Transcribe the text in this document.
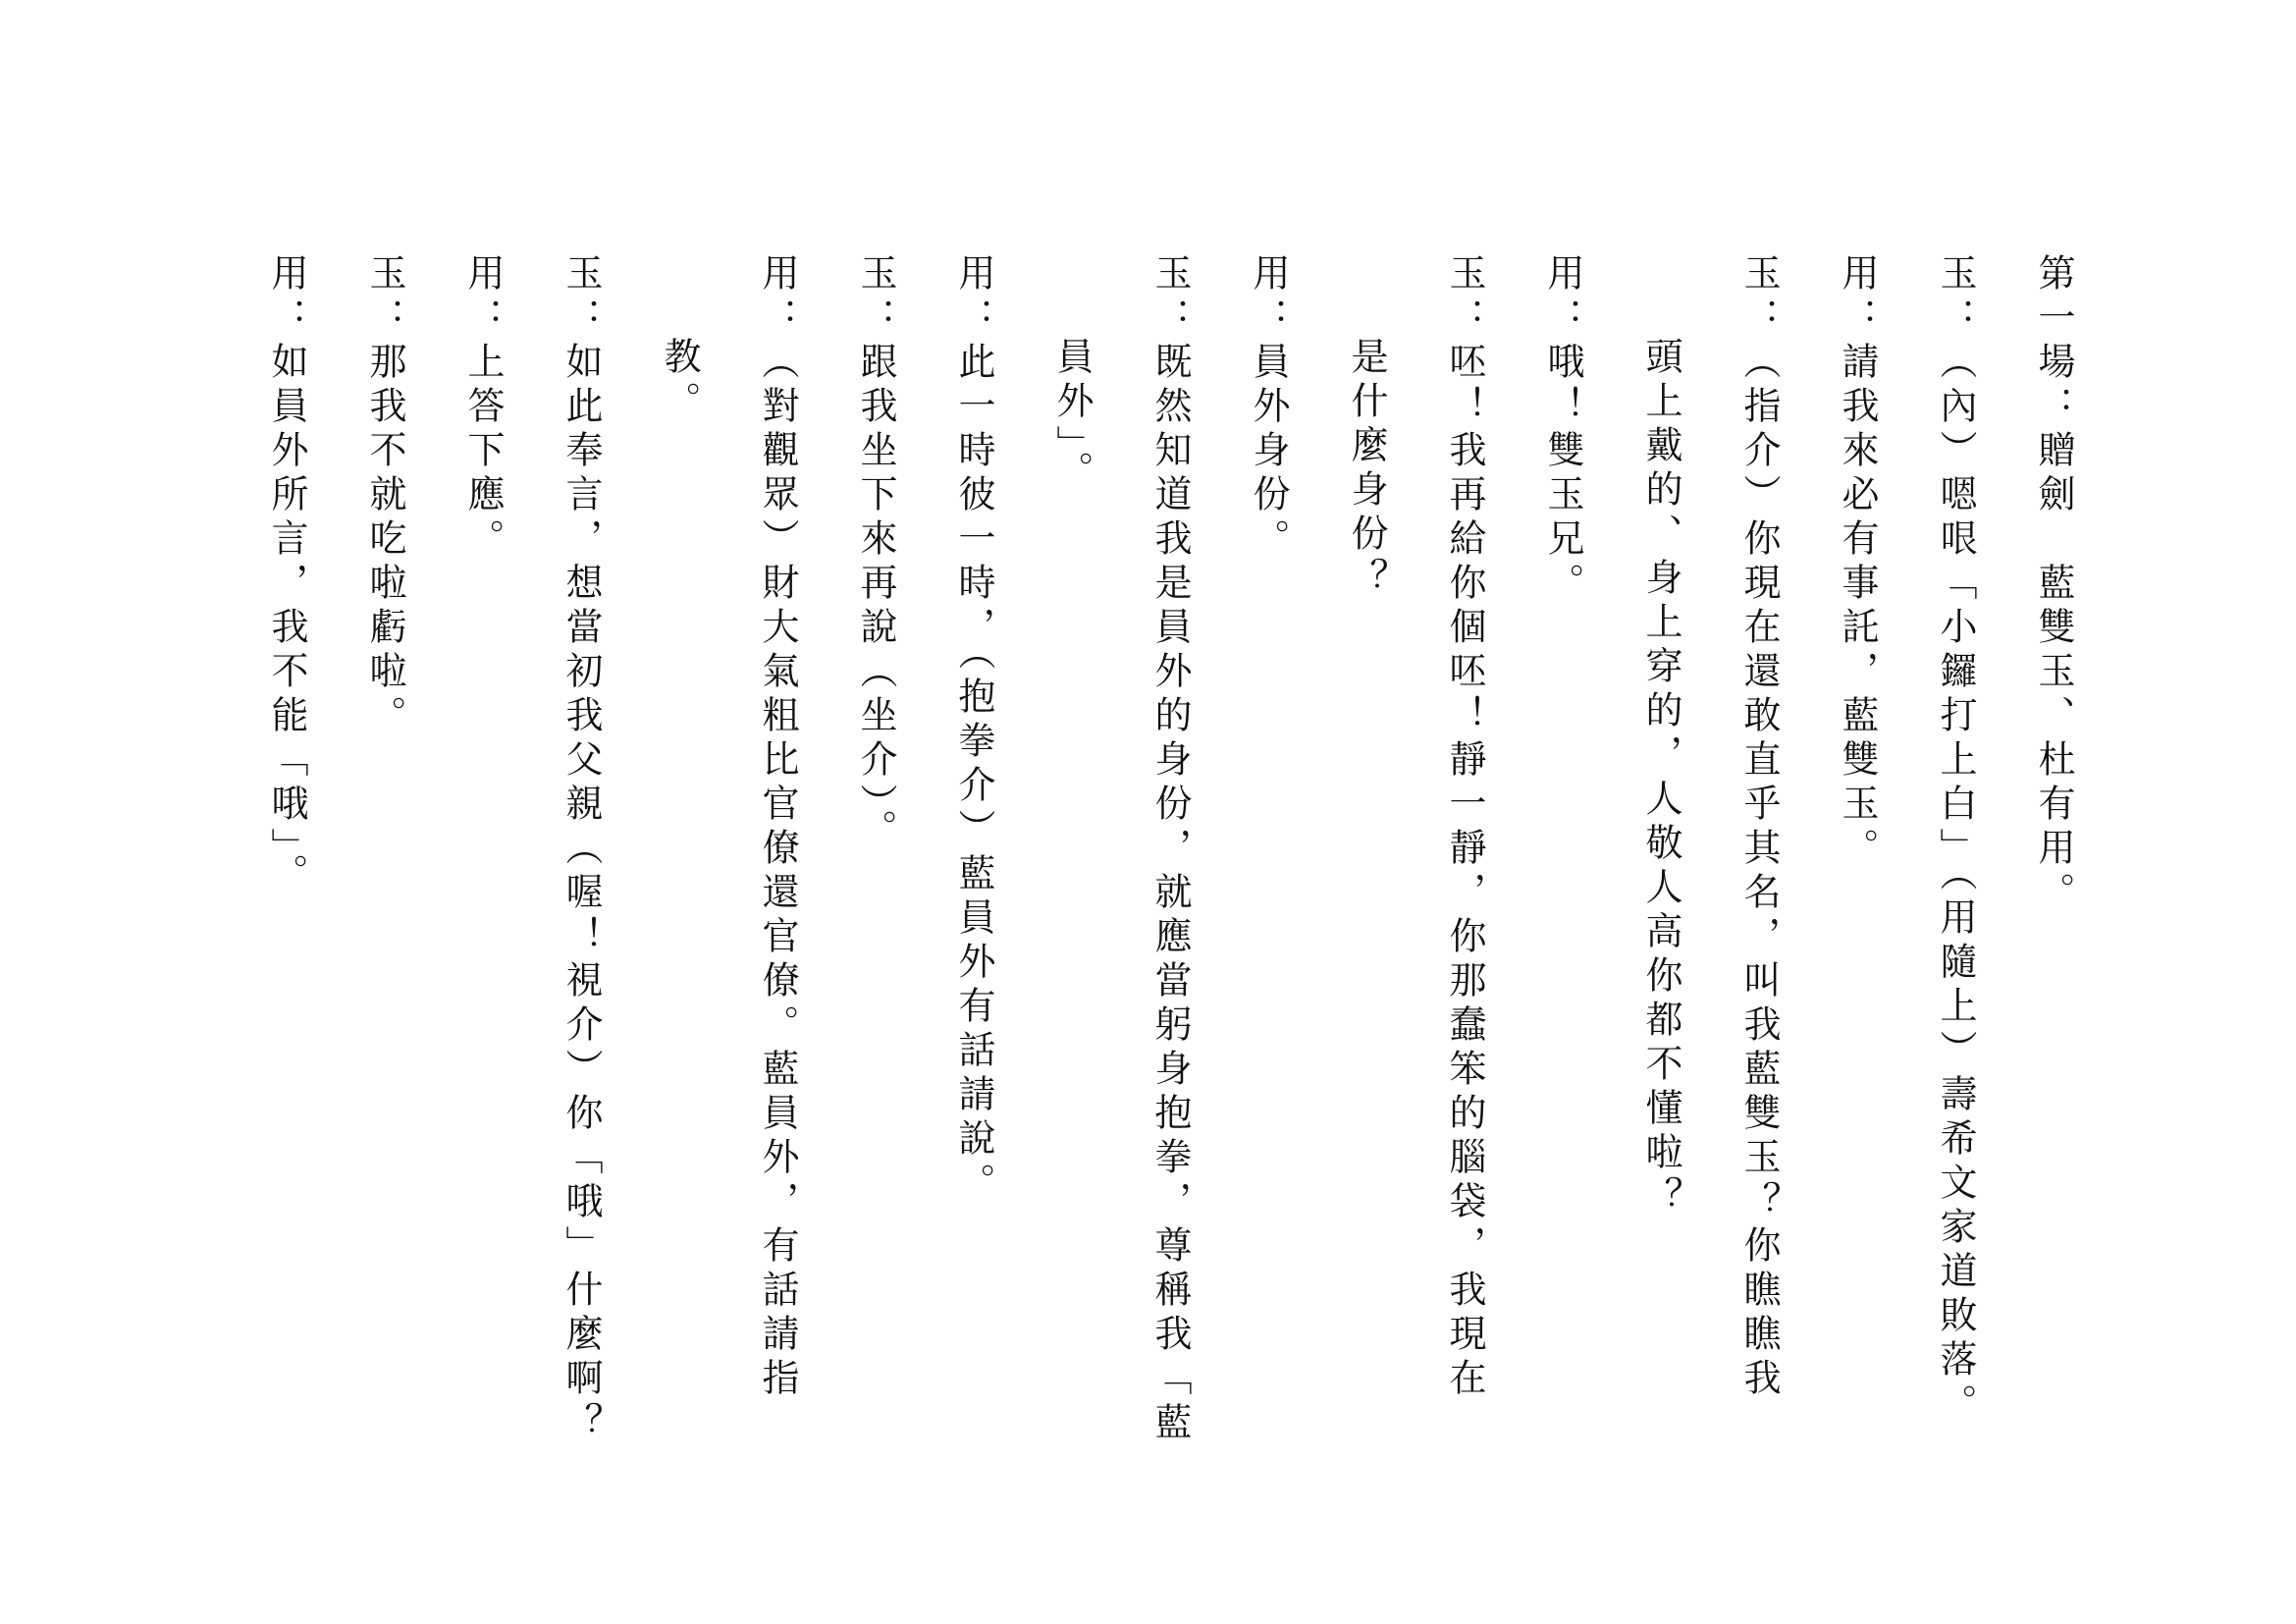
第一場：贈劍　藍雙玉、杜有用。
玉：（內）嗯哏「小鑼打上白」（用隨上）壽希文家道敗落。
用：請我來必有事託，藍雙玉。
玉：（指介）你現在還敢直乎其名，叫我藍雙玉？你瞧瞧我
頭上戴的、身上穿的，人敬人高你都不懂啦？
用：哦！雙玉兄。
玉：呸！我再給你個呸！靜一靜，你那蠢笨的腦袋，我現在
是什麼身份？
用：員外身份。
玉：既然知道我是員外的身份，就應當躬身抱拳，尊稱我「藍
員外」。
用：此一時彼一時，（抱拳介）藍員外有話請說。
玉：跟我坐下來再說（坐介）。
用：（對觀眾）財大氣粗比官僚還官僚。藍員外，有話請指
教。
玉：如此奉言，想當初我父親（喔！視介）你「哦」什麼啊？
用：上答下應。
玉：那我不就吃啦虧啦。
用：如員外所言，我不能「哦」。
